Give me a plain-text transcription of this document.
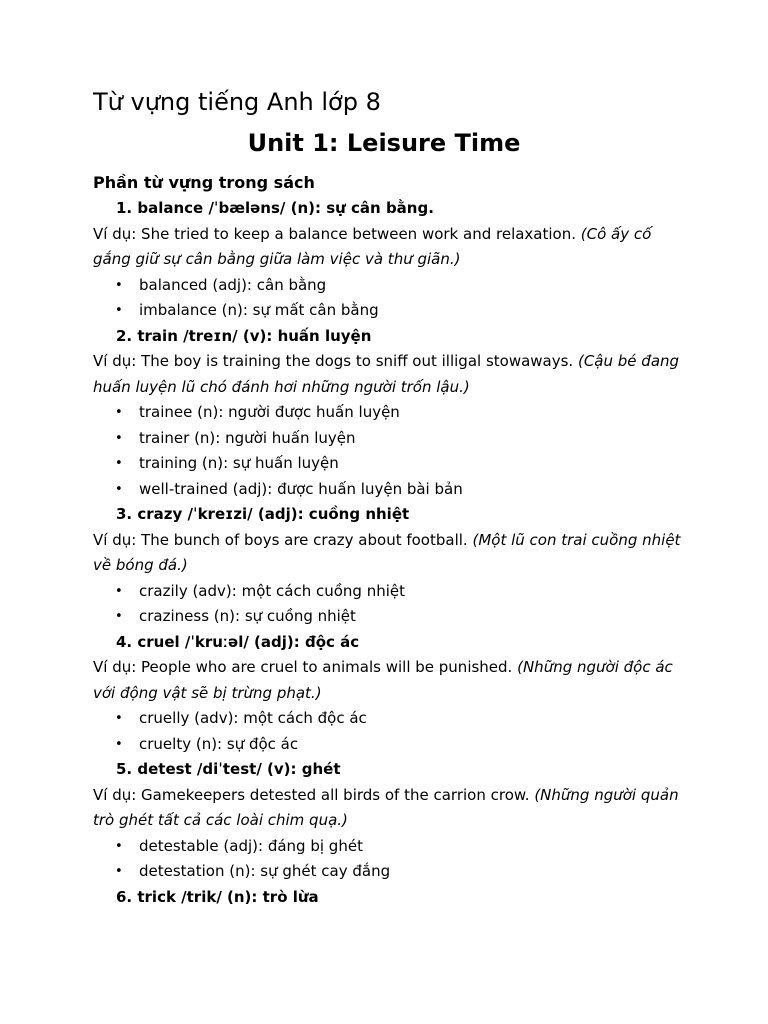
Từ vựng tiếng Anh lớp 8
Unit 1: Leisure Time
Phần từ vựng trong sách

1. balance /ˈbæləns/ (n): sự cân bằng.

Ví dụ: She tried to keep a balance between work and relaxation. (Cô ấy cố gắng giữ sự cân bằng giữa làm việc và thư giãn.)

• balanced (adj): cân bằng
• imbalance (n): sự mất cân bằng

2. train /treɪn/ (v): huấn luyện

Ví dụ: The boy is training the dogs to sniff out illigal stowaways. (Cậu bé đang huấn luyện lũ chó đánh hơi những người trốn lậu.)

• trainee (n): người được huấn luyện
• trainer (n): người huấn luyện
• training (n): sự huấn luyện
• well-trained (adj): được huấn luyện bài bản

3. crazy /ˈkreɪzi/ (adj): cuồng nhiệt

Ví dụ: The bunch of boys are crazy about football. (Một lũ con trai cuồng nhiệt về bóng đá.)

• crazily (adv): một cách cuồng nhiệt
• craziness (n): sự cuồng nhiệt

4. cruel /ˈkruːəl/ (adj): độc ác

Ví dụ: People who are cruel to animals will be punished. (Những người độc ác với động vật sẽ bị trừng phạt.)

• cruelly (adv): một cách độc ác
• cruelty (n): sự độc ác

5. detest /diˈtest/ (v): ghét

Ví dụ: Gamekeepers detested all birds of the carrion crow. (Những người quản trò ghét tất cả các loài chim quạ.)

• detestable (adj): đáng bị ghét
• detestation (n): sự ghét cay đắng

6. trick /trik/ (n): trò lừa
